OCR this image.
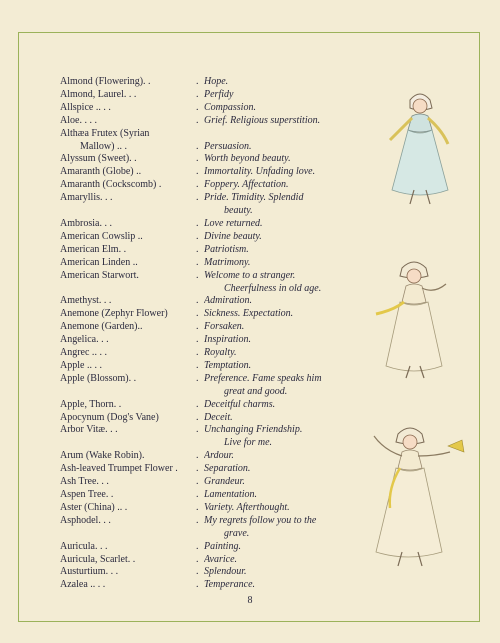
Almond (Flowering) . .	. Hope.
Almond, Laurel . . .	. Perfidy
Allspice . . . .	. Compassion.
Aloe . . . .	. Grief. Religious superstition.
Althæa Frutex (Syrian
Mallow) . . .	. Persuasion.
Alyssum (Sweet) . .	. Worth beyond beauty.
Amaranth (Globe) . .	. Immortality. Unfading love.
Amaranth (Cockscomb) .	. Foppery. Affectation.
Amaryllis . . .	. Pride. Timidity. Splendid
beauty.
Ambrosia . . .	. Love returned.
American Cowslip . .	. Divine beauty.
American Elm . .	. Patriotism.
American Linden . .	. Matrimony.
American Starwort .	. Welcome to a stranger.
Cheerfulness in old age.
Amethyst . . .	. Admiration.
Anemone (Zephyr Flower)	. Sickness. Expectation.
Anemone (Garden). .	. Forsaken.
Angelica . . .	. Inspiration.
Angrec . . . .	. Royalty.
Apple . . . .	. Temptation.
Apple (Blossom) . .	. Preference. Fame speaks him
great and good.
Apple, Thorn . .	. Deceitful charms.
Apocynum (Dog's Vane)	. Deceit.
Arbor Vitæ . . .	. Unchanging Friendship.
Live for me.
Arum (Wake Robin) .	. Ardour.
Ash-leaved Trumpet Flower . . Separation.
Ash Tree . . .	. Grandeur.
Aspen Tree . .	. Lamentation.
Aster (China) . . .	. Variety. Afterthought.
Asphodel . . .	. My regrets follow you to the
grave.
Auricula . . .	. Painting.
Auricula, Scarlet . .	. Avarice.
Austurtium . . .	. Splendour.
Azalea . . . .	. Temperance.
8
